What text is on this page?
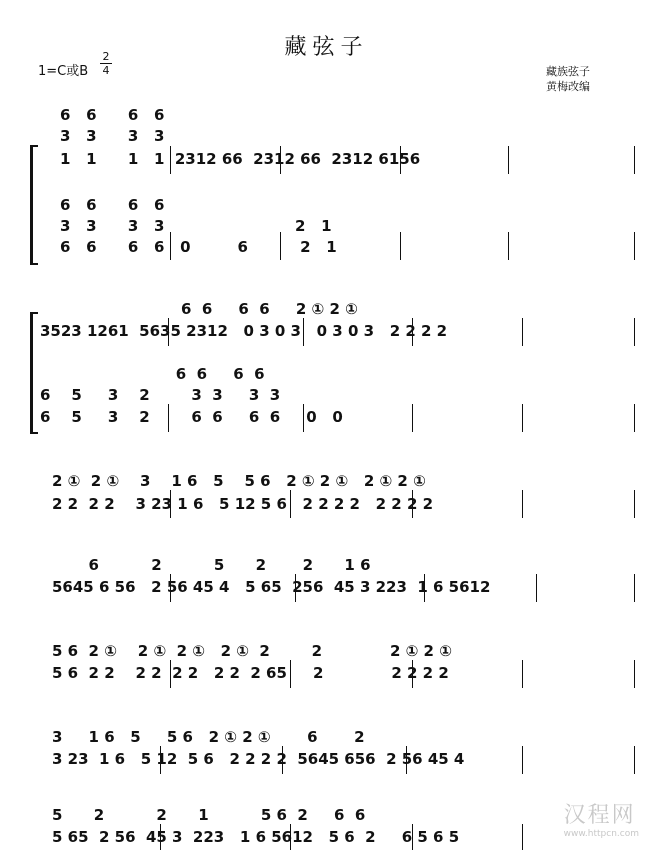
藏弦子
1=C或B
2
4	藏族弦子
黄梅改编
6   6      6   6
3   3      3   3
1   1      1   1  2312 66  2312 66  2312 6156
6   6      6   6
3   3      3   3                         2   1
6   6      6   6   0         6          2   1
6  6     6  6     2 ① 2 ①
3523 1261  5635 2312   0 3 0 3   0 3 0 3   2 2 2 2
6  6     6  6
6    5     3    2        3  3     3  3
6    5     3    2        6  6     6  6     0   0
2 ①  2 ①    3    1 6   5    5 6   2 ① 2 ①   2 ① 2 ①
2 2  2 2    3 23 1 6   5 12 5 6   2 2 2 2   2 2 2 2
6          2          5      2       2      1 6
5645 6 56   2 56 45 4   5 65  256  45 3 223  1 6 5612
5 6  2 ①    2 ①  2 ①   2 ①  2        2             2 ① 2 ①
5 6  2 2    2 2  2 2   2 2  2 65     2             2 2 2 2
3     1 6   5     5 6   2 ① 2 ①       6       2
3 23  1 6   5 12  5 6   2 2 2 2  5645 656  2 56 45 4
5      2          2      1          5 6  2     6  6
5 65  2 56  45 3  223   1 6 5612   5 6  2     6 5 6 5
汉程网
www.httpcn.com
